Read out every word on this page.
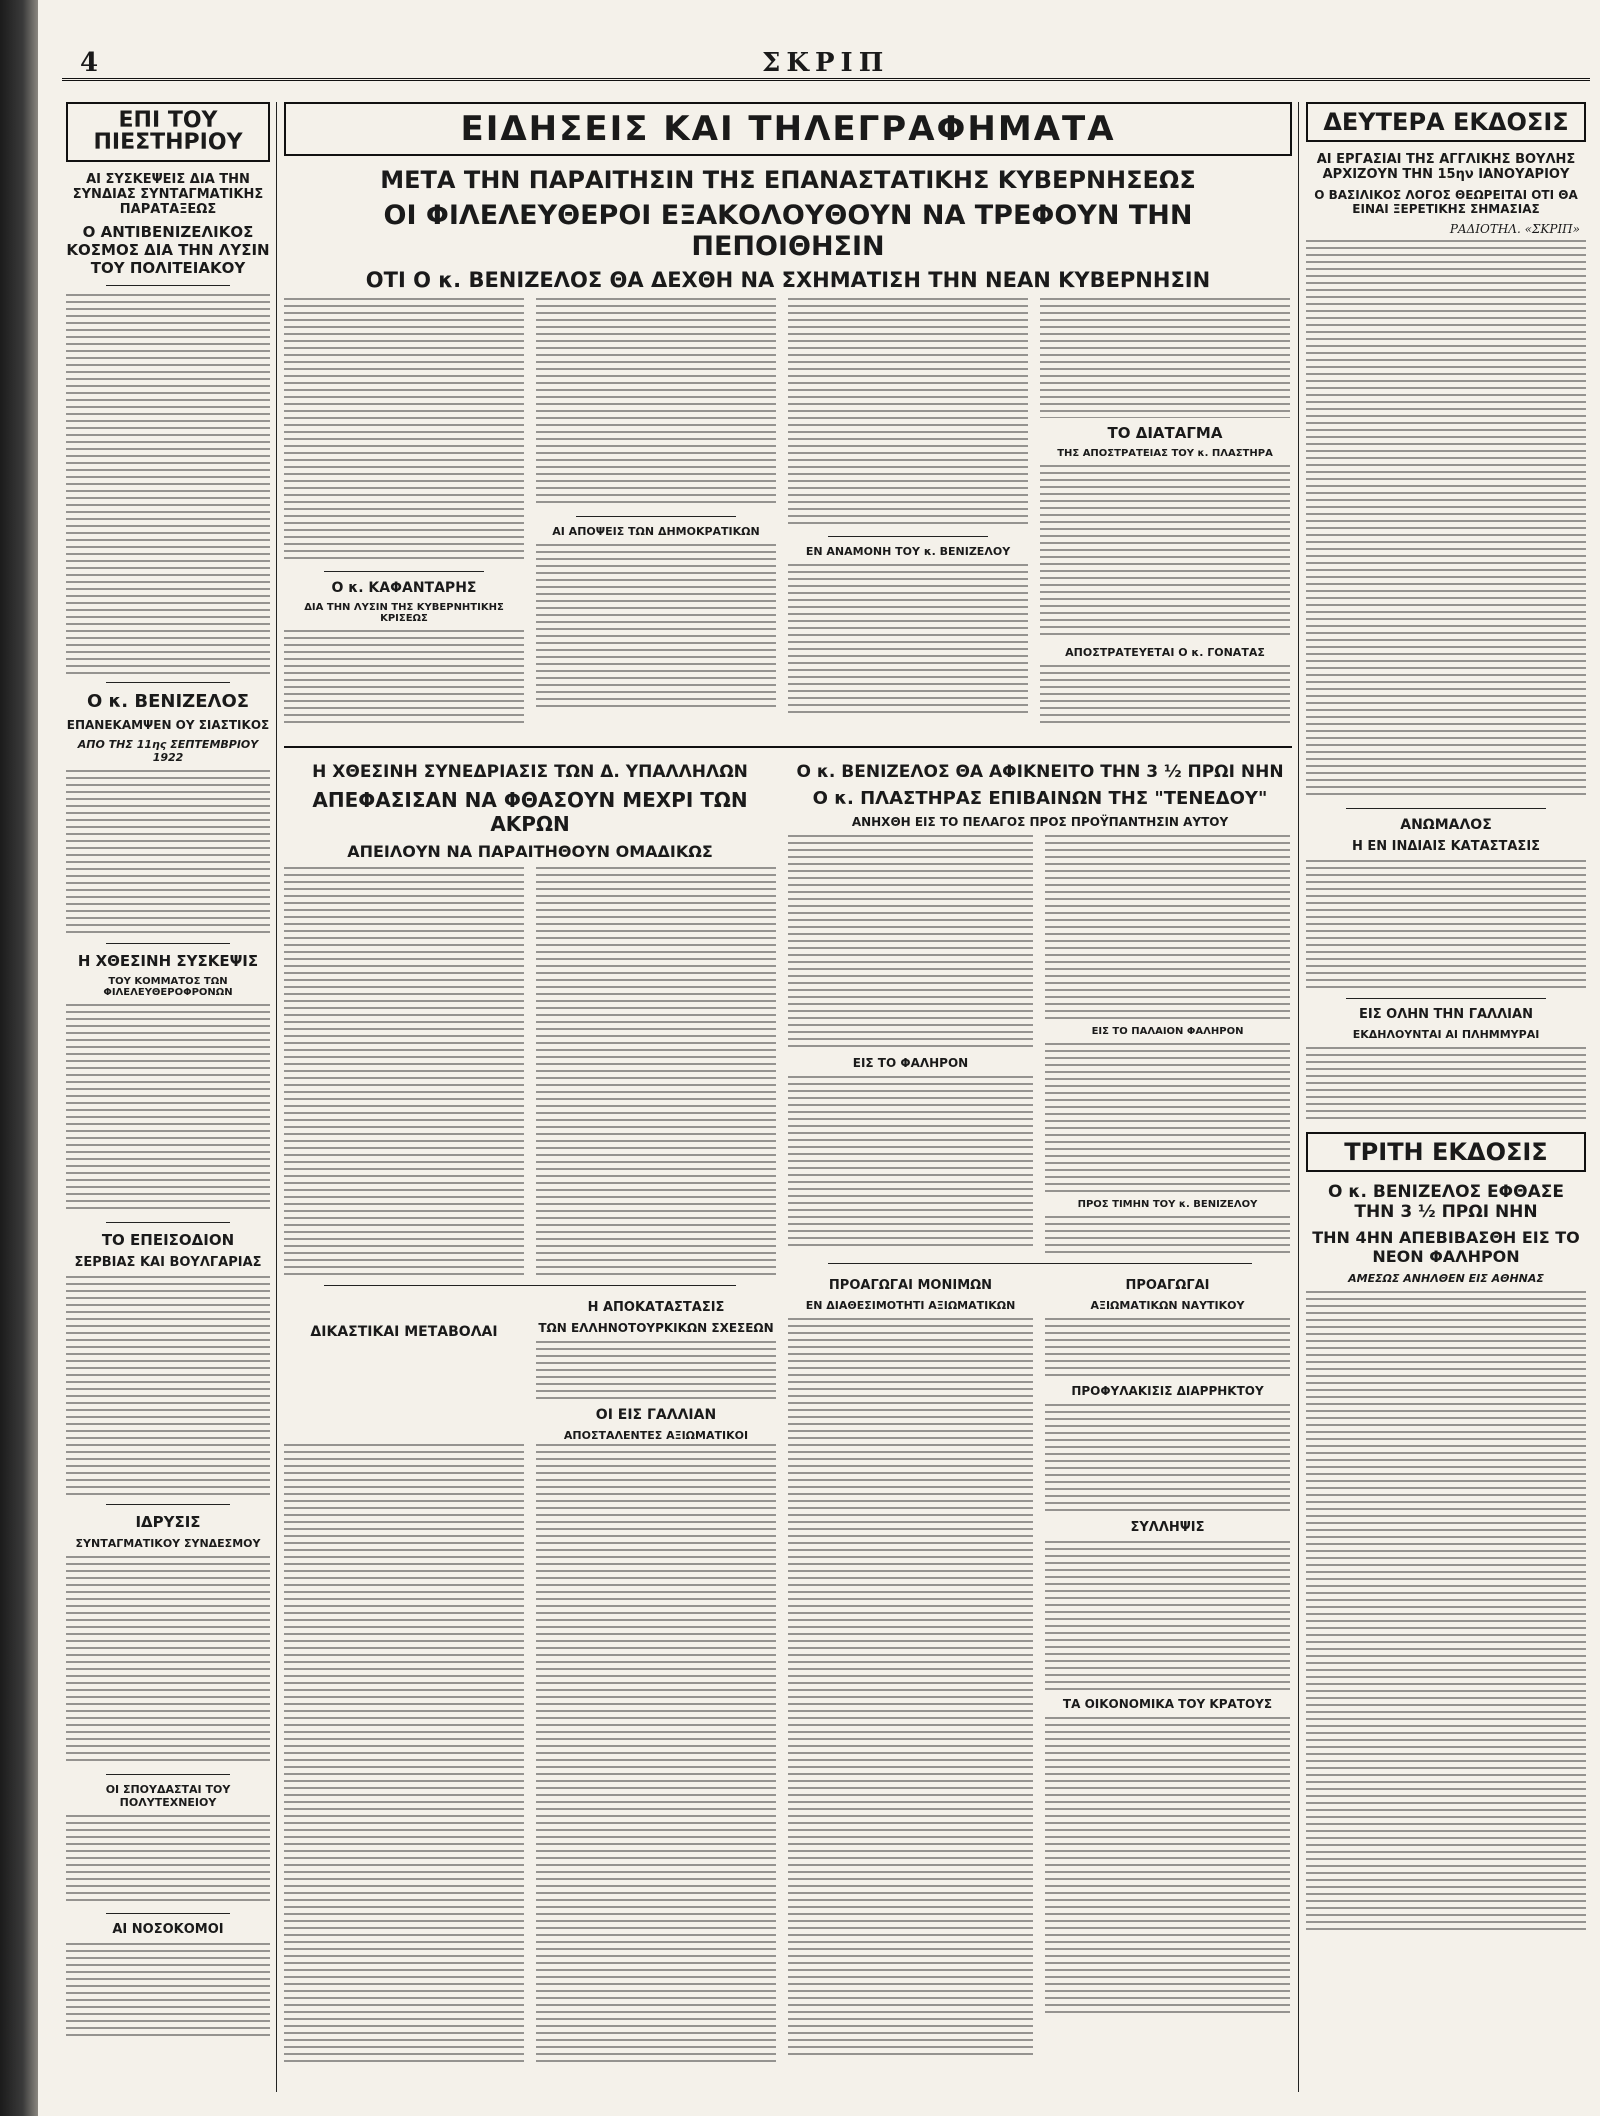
4	ΣΚΡΙΠ
ΕΠΙ ΤΟΥ ΠΙΕΣΤΗΡΙΟΥ
ΑΙ ΣΥΣΚΕΨΕΙΣ ΔΙΑ ΤΗΝ ΣΥΝΔΙΑΣ ΣΥΝΤΑΓΜΑΤΙΚΗΣ ΠΑΡΑΤΑΞΕΩΣ
Ο ΑΝΤΙΒΕΝΙΖΕΛΙΚΟΣ ΚΟΣΜΟΣ ΔΙΑ ΤΗΝ ΛΥΣΙΝ ΤΟΥ ΠΟΛΙΤΕΙΑΚΟΥ
Ο κ. ΒΕΝΙΖΕΛΟΣ
ΕΠΑΝΕΚΑΜΨΕΝ ΟΥ ΣΙΑΣΤΙΚΟΣ
ΑΠΟ ΤΗΣ 11ης ΣΕΠΤΕΜΒΡΙΟΥ 1922
Η ΧΘΕΣΙΝΗ ΣΥΣΚΕΨΙΣ
ΤΟΥ ΚΟΜΜΑΤΟΣ ΤΩΝ ΦΙΛΕΛΕΥΘΕΡΟΦΡΟΝΩΝ
ΤΟ ΕΠΕΙΣΟΔΙΟΝ
ΣΕΡΒΙΑΣ ΚΑΙ ΒΟΥΛΓΑΡΙΑΣ
ΙΔΡΥΣΙΣ
ΣΥΝΤΑΓΜΑΤΙΚΟΥ ΣΥΝΔΕΣΜΟΥ
ΟΙ ΣΠΟΥΔΑΣΤΑΙ ΤΟΥ ΠΟΛΥΤΕΧΝΕΙΟΥ
ΑΙ ΝΟΣΟΚΟΜΟΙ
ΕΙΔΗΣΕΙΣ ΚΑΙ ΤΗΛΕΓΡΑΦΗΜΑΤΑ
ΜΕΤΑ ΤΗΝ ΠΑΡΑΙΤΗΣΙΝ ΤΗΣ ΕΠΑΝΑΣΤΑΤΙΚΗΣ ΚΥΒΕΡΝΗΣΕΩΣ
ΟΙ ΦΙΛΕΛΕΥΘΕΡΟΙ ΕΞΑΚΟΛΟΥΘΟΥΝ ΝΑ ΤΡΕΦΟΥΝ ΤΗΝ ΠΕΠΟΙΘΗΣΙΝ
ΟΤΙ Ο κ. ΒΕΝΙΖΕΛΟΣ ΘΑ ΔΕΧΘΗ ΝΑ ΣΧΗΜΑΤΙΣΗ ΤΗΝ ΝΕΑΝ ΚΥΒΕΡΝΗΣΙΝ
Ο κ. ΚΑΦΑΝΤΑΡΗΣ
ΔΙΑ ΤΗΝ ΛΥΣΙΝ ΤΗΣ ΚΥΒΕΡΝΗΤΙΚΗΣ ΚΡΙΣΕΩΣ
ΑΙ ΑΠΟΨΕΙΣ ΤΩΝ ΔΗΜΟΚΡΑΤΙΚΩΝ
ΕΝ ΑΝΑΜΟΝΗ ΤΟΥ κ. ΒΕΝΙΖΕΛΟΥ
ΤΟ ΔΙΑΤΑΓΜΑ
ΤΗΣ ΑΠΟΣΤΡΑΤΕΙΑΣ ΤΟΥ κ. ΠΛΑΣΤΗΡΑ
ΑΠΟΣΤΡΑΤΕΥΕΤΑΙ Ο κ. ΓΟΝΑΤΑΣ
Η ΧΘΕΣΙΝΗ ΣΥΝΕΔΡΙΑΣΙΣ ΤΩΝ Δ. ΥΠΑΛΛΗΛΩΝ
ΑΠΕΦΑΣΙΣΑΝ ΝΑ ΦΘΑΣΟΥΝ ΜΕΧΡΙ ΤΩΝ ΑΚΡΩΝ
ΑΠΕΙΛΟΥΝ ΝΑ ΠΑΡΑΙΤΗΘΟΥΝ ΟΜΑΔΙΚΩΣ
ΔΙΚΑΣΤΙΚΑΙ ΜΕΤΑΒΟΛΑΙ
Η ΑΠΟΚΑΤΑΣΤΑΣΙΣ
ΤΩΝ ΕΛΛΗΝΟΤΟΥΡΚΙΚΩΝ ΣΧΕΣΕΩΝ
ΟΙ ΕΙΣ ΓΑΛΛΙΑΝ
ΑΠΟΣΤΑΛΕΝΤΕΣ ΑΞΙΩΜΑΤΙΚΟΙ
Ο κ. ΒΕΝΙΖΕΛΟΣ ΘΑ ΑΦΙΚΝΕΙΤΟ ΤΗΝ 3 ½ ΠΡΩΙ ΝΗΝ
Ο κ. ΠΛΑΣΤΗΡΑΣ ΕΠΙΒΑΙΝΩΝ ΤΗΣ "ΤΕΝΕΔΟΥ"
ΑΝΗΧΘΗ ΕΙΣ ΤΟ ΠΕΛΑΓΟΣ ΠΡΟΣ ΠΡΟΫΠΑΝΤΗΣΙΝ ΑΥΤΟΥ
ΕΙΣ ΤΟ ΦΑΛΗΡΟΝ
ΕΙΣ ΤΟ ΠΑΛΑΙΟΝ ΦΑΛΗΡΟΝ
ΠΡΟΣ ΤΙΜΗΝ ΤΟΥ κ. ΒΕΝΙΖΕΛΟΥ
ΠΡΟΑΓΩΓΑΙ ΜΟΝΙΜΩΝ
ΕΝ ΔΙΑΘΕΣΙΜΟΤΗΤΙ ΑΞΙΩΜΑΤΙΚΩΝ
ΠΡΟΑΓΩΓΑΙ
ΑΞΙΩΜΑΤΙΚΩΝ ΝΑΥΤΙΚΟΥ
ΠΡΟΦΥΛΑΚΙΣΙΣ ΔΙΑΡΡΗΚΤΟΥ
ΣΥΛΛΗΨΙΣ
ΤΑ ΟΙΚΟΝΟΜΙΚΑ ΤΟΥ ΚΡΑΤΟΥΣ
ΔΕΥΤΕΡΑ ΕΚΔΟΣΙΣ
ΑΙ ΕΡΓΑΣΙΑΙ ΤΗΣ ΑΓΓΛΙΚΗΣ ΒΟΥΛΗΣ ΑΡΧΙΖΟΥΝ ΤΗΝ 15ην ΙΑΝΟΥΑΡΙΟΥ
Ο ΒΑΣΙΛΙΚΟΣ ΛΟΓΟΣ ΘΕΩΡΕΙΤΑΙ ΟΤΙ ΘΑ ΕΙΝΑΙ ΞΕΡΕΤΙΚΗΣ ΣΗΜΑΣΙΑΣ
ΡΑΔΙΟΤΗΛ. «ΣΚΡΙΠ»
ΑΝΩΜΑΛΟΣ
Η ΕΝ ΙΝΔΙΑΙΣ ΚΑΤΑΣΤΑΣΙΣ
ΕΙΣ ΟΛΗΝ ΤΗΝ ΓΑΛΛΙΑΝ
ΕΚΔΗΛΟΥΝΤΑΙ ΑΙ ΠΛΗΜΜΥΡΑΙ
ΤΡΙΤΗ ΕΚΔΟΣΙΣ
Ο κ. ΒΕΝΙΖΕΛΟΣ ΕΦΘΑΣΕ ΤΗΝ 3 ½ ΠΡΩΙ ΝΗΝ
ΤΗΝ 4ΗΝ ΑΠΕΒΙΒΑΣΘΗ ΕΙΣ ΤΟ ΝΕΟΝ ΦΑΛΗΡΟΝ
ΑΜΕΣΩΣ ΑΝΗΛΘΕΝ ΕΙΣ ΑΘΗΝΑΣ
